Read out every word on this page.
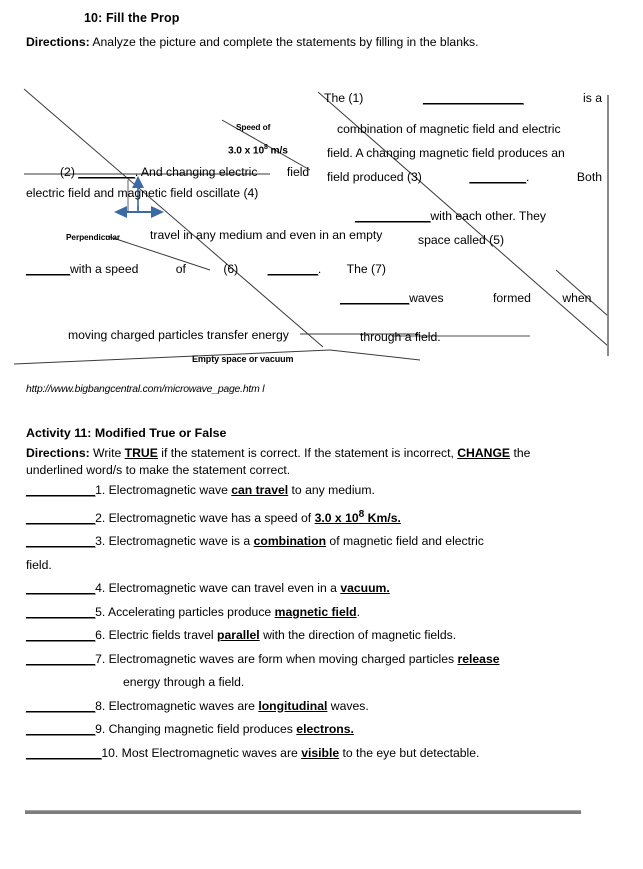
10: Fill the Prop
Directions: Analyze the picture and complete the statements by filling in the blanks.
Speed of
3.0 x $10^8$ m/s
Perpendicular
Empty space or vacuum
The (1)	________________	is a
combination of magnetic field and electric
field. A changing magnetic field produces an
field produced (3)	_________.	Both
____________with each other. They
space called (5)
___________waves	formed	when
through a field.
(2) _________. And changing electric field
electric field and magnetic field oscillate (4)
travel in any medium and even in an empty
_______with a speed	of	(6) ________. The (7)
moving charged particles transfer energy
http://www.bigbangcentral.com/microwave_page.htm l
Activity 11: Modified True or False
Directions: Write TRUE if the statement is correct. If the statement is incorrect, CHANGE the underlined word/s to make the statement correct.
___________1. Electromagnetic wave can travel to any medium.
___________2. Electromagnetic wave has a speed of 3.0 x $10^8$ Km/s.
___________3. Electromagnetic wave is a combination of magnetic field and electric
field.
___________4. Electromagnetic wave can travel even in a vacuum.
___________5. Accelerating particles produce magnetic field.
___________6. Electric fields travel parallel with the direction of magnetic fields.
___________7. Electromagnetic waves are form when moving charged particles release
energy through a field.
___________8. Electromagnetic waves are longitudinal waves.
___________9. Changing magnetic field produces electrons.
____________10. Most Electromagnetic waves are visible to the eye but detectable.
